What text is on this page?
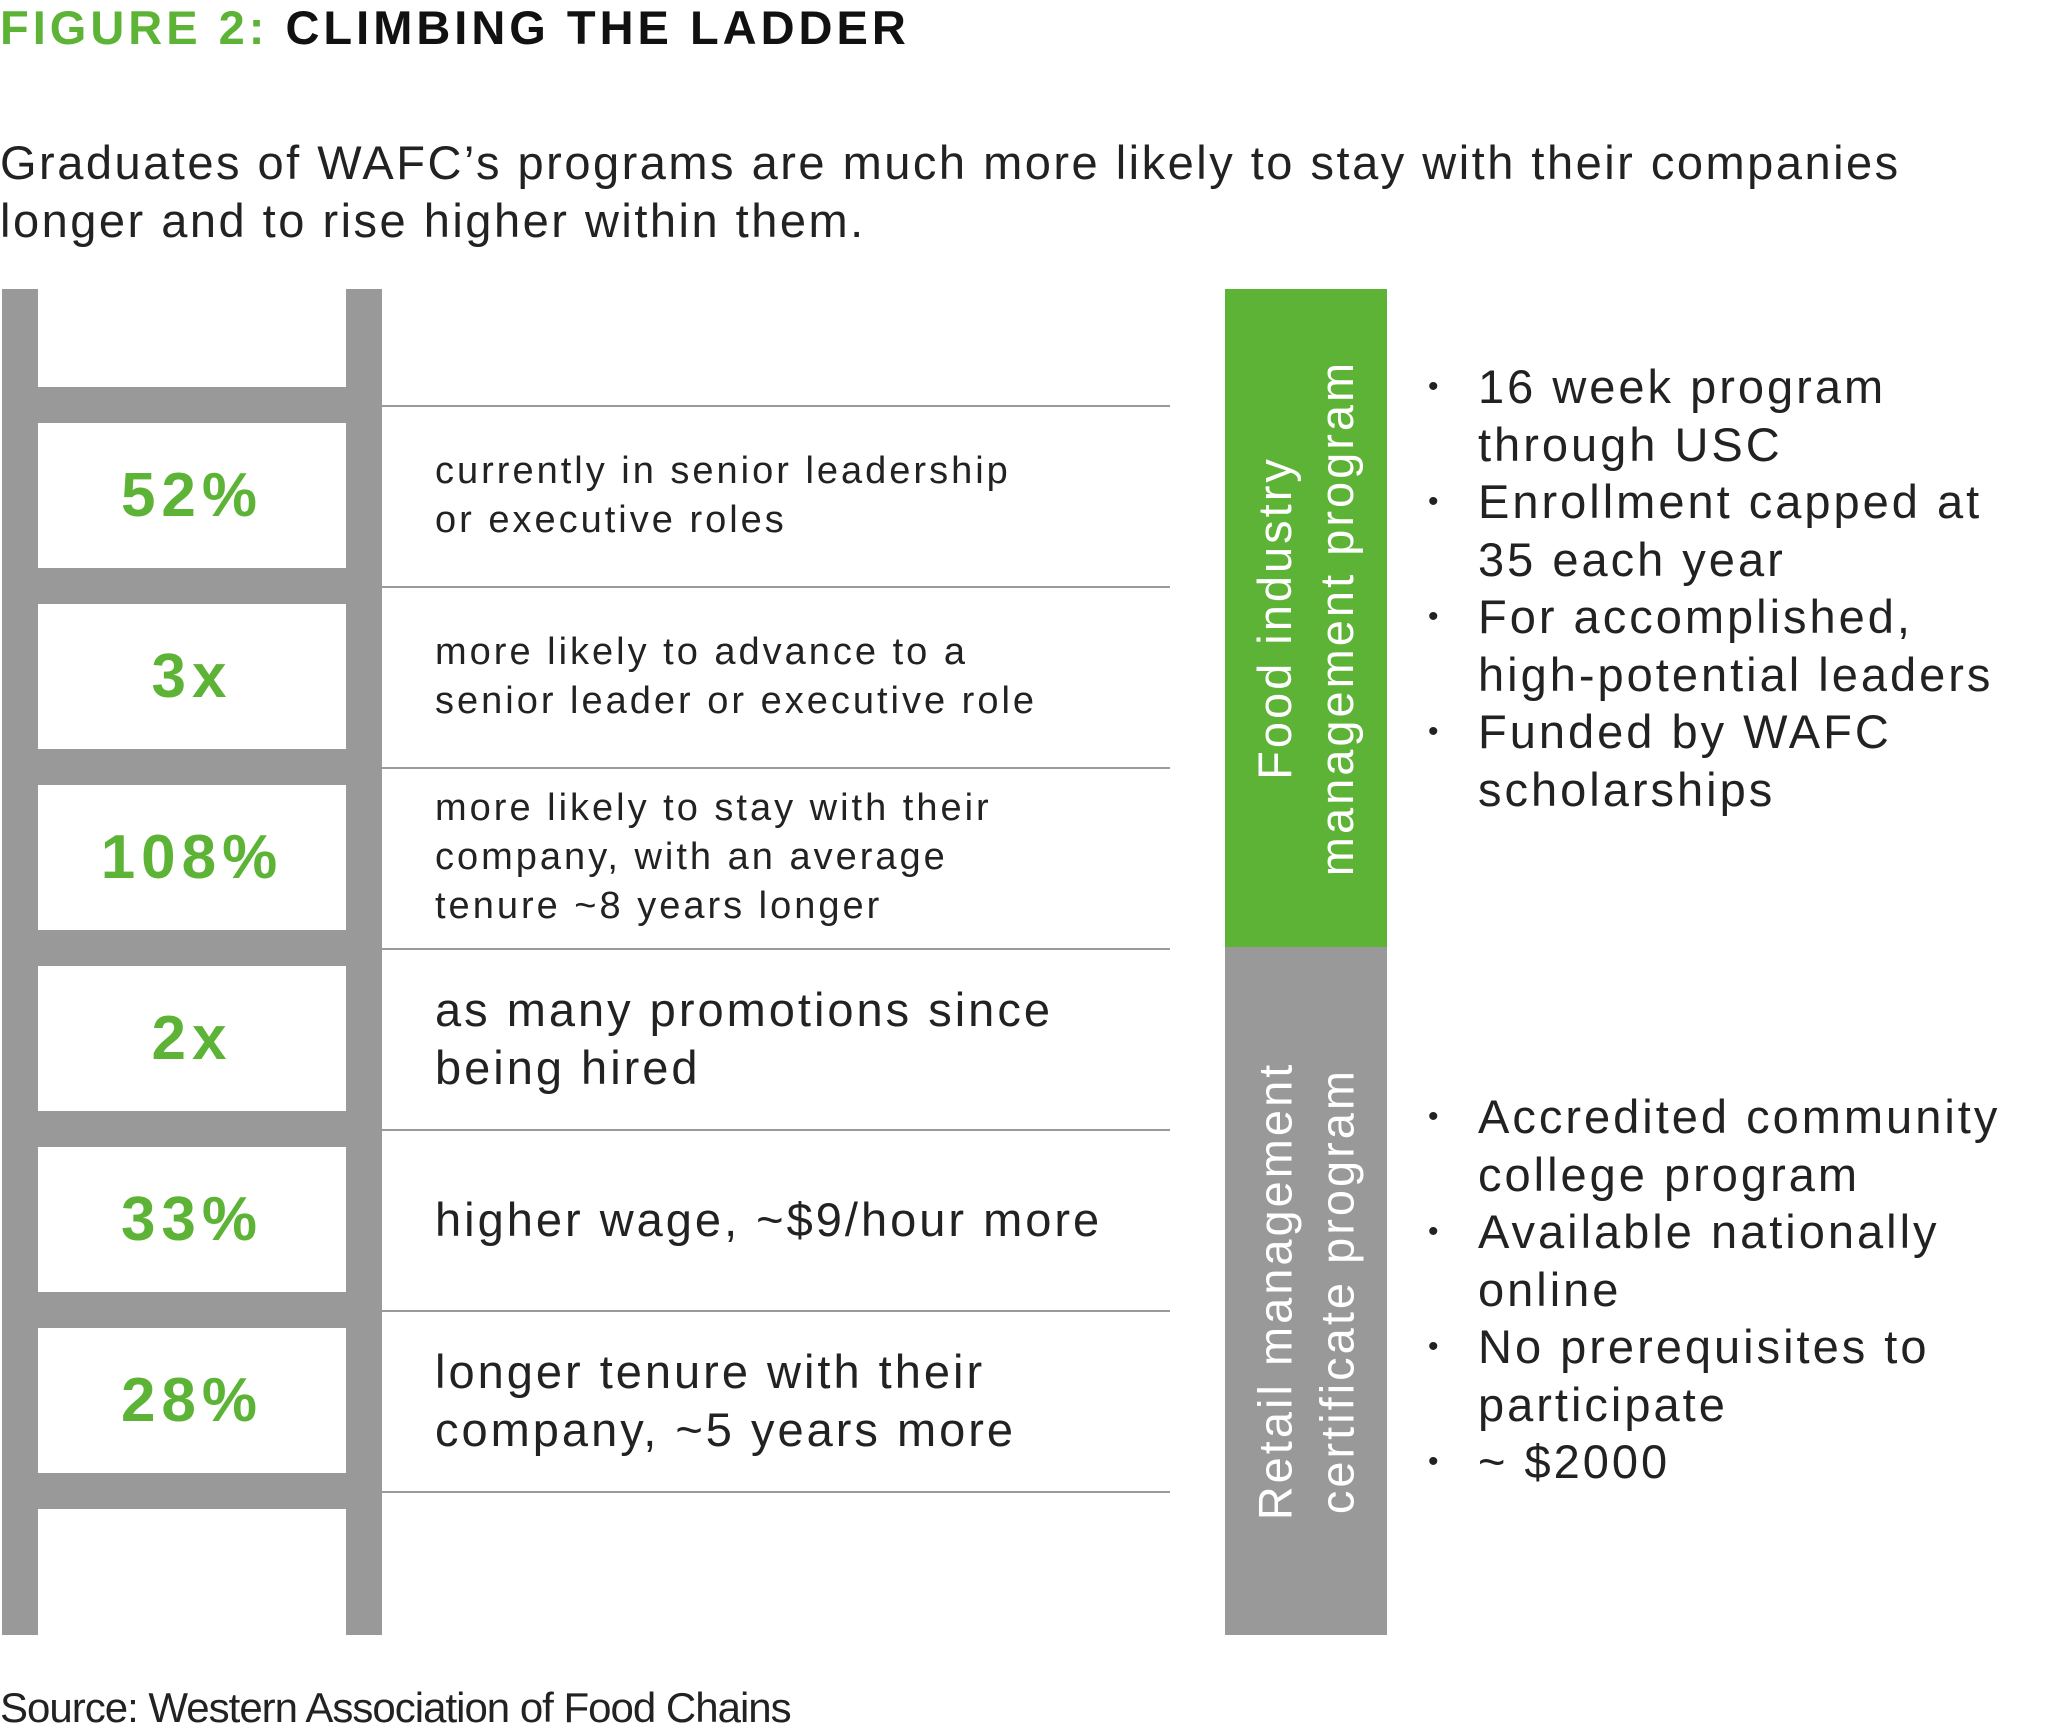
FIGURE 2: CLIMBING THE LADDER
Graduates of WAFC’s programs are much more likely to stay with their companies longer and to rise higher within them.
52%
3x
108%
2x
33%
28%
currently in senior leadership
or executive roles
more likely to advance to a
senior leader or executive role
more likely to stay with their
company, with an average
tenure ~8 years longer
as many promotions since
being hired
higher wage, ~$9/hour more
longer tenure with their
company, ~5 years more
Food industry management program
Retail management certificate program
• 16 week program through USC
• Enrollment capped at 35 each year
• For accomplished, high-potential leaders
• Funded by WAFC scholarships
• Accredited community college program
• Available nationally online
• No prerequisites to participate
• ~ $2000
Source: Western Association of Food Chains
